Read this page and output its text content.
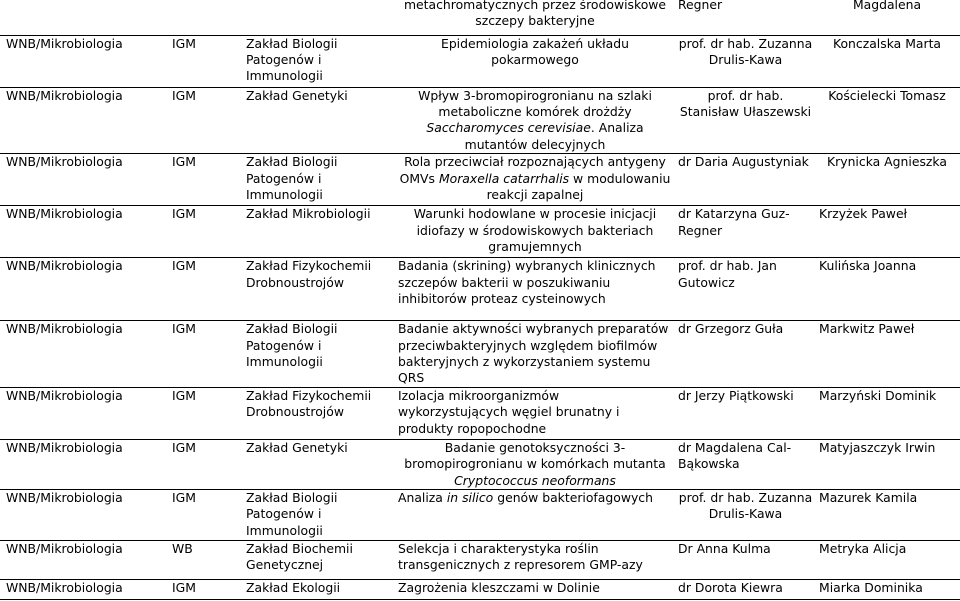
			metachromatycznych przez środowiskowe szczepy bakteryjne	Regner	Magdalena
WNB/Mikrobiologia	IGM	Zakład Biologii Patogenów i Immunologii	Epidemiologia zakażeń układu pokarmowego	prof. dr hab. Zuzanna Drulis-Kawa	Konczalska Marta
WNB/Mikrobiologia	IGM	Zakład Genetyki	Wpływ 3-bromopirogronianu na szlaki metaboliczne komórek drożdży Saccharomyces cerevisiae. Analiza mutantów delecyjnych	prof. dr hab. Stanisław Ułaszewski	Kościelecki Tomasz
WNB/Mikrobiologia	IGM	Zakład Biologii Patogenów i Immunologii	Rola przeciwciał rozpoznających antygeny OMVs Moraxella catarrhalis w modulowaniu reakcji zapalnej	dr Daria Augustyniak	Krynicka Agnieszka
WNB/Mikrobiologia	IGM	Zakład Mikrobiologii	Warunki hodowlane w procesie inicjacji idiofazy w środowiskowych bakteriach gramujemnych	dr Katarzyna Guz-Regner	Krzyżek Paweł
WNB/Mikrobiologia	IGM	Zakład Fizykochemii Drobnoustrojów	Badania (skrining) wybranych klinicznych szczepów bakterii w poszukiwaniu inhibitorów proteaz cysteinowych	prof. dr hab. Jan Gutowicz	Kulińska Joanna
WNB/Mikrobiologia	IGM	Zakład Biologii Patogenów i Immunologii	Badanie aktywności wybranych preparatów przeciwbakteryjnych względem biofilmów bakteryjnych z wykorzystaniem systemu QRS	dr Grzegorz Guła	Markwitz Paweł
WNB/Mikrobiologia	IGM	Zakład Fizykochemii Drobnoustrojów	Izolacja mikroorganizmów wykorzystujących węgiel brunatny i produkty ropopochodne	dr Jerzy Piątkowski	Marzyński Dominik
WNB/Mikrobiologia	IGM	Zakład Genetyki	Badanie genotoksyczności 3-bromopirogronianu w komórkach mutanta Cryptococcus neoformans	dr Magdalena Cal-Bąkowska	Matyjaszczyk Irwin
WNB/Mikrobiologia	IGM	Zakład Biologii Patogenów i Immunologii	Analiza in silico genów bakteriofagowych	prof. dr hab. Zuzanna Drulis-Kawa	Mazurek Kamila
WNB/Mikrobiologia	WB	Zakład Biochemii Genetycznej	Selekcja i charakterystyka roślin transgenicznych z represorem GMP-azy	Dr Anna Kulma	Metryka Alicja
WNB/Mikrobiologia	IGM	Zakład Ekologii	Zagrożenia kleszczami w Dolinie	dr Dorota Kiewra	Miarka Dominika
